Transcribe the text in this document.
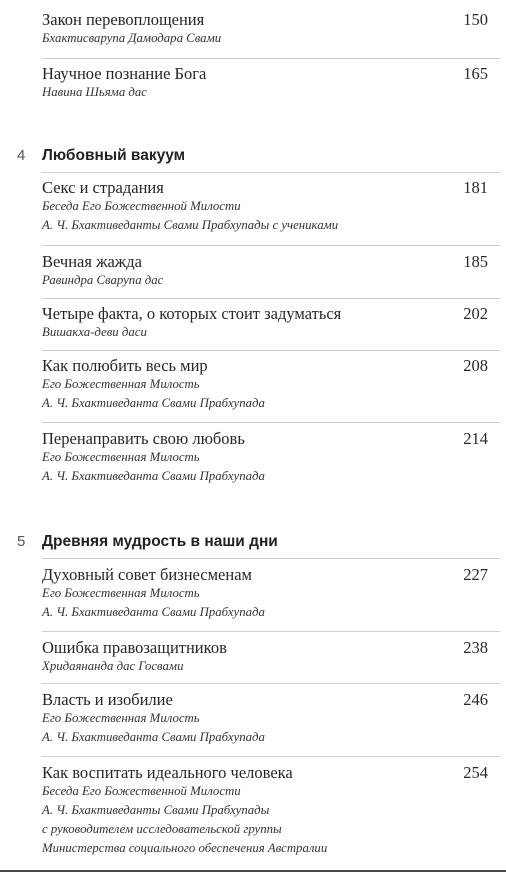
Закон перевоплощения	150
Бхактисварупа Дамодара Свами
Научное познание Бога	165
Навина Шьяма дас
4 Любовный вакуум
Секс и страдания	181
Беседа Его Божественной Милости
А. Ч. Бхактиведанты Свами Прабхупады с учениками
Вечная жажда	185
Равиндра Сварупа дас
Четыре факта, о которых стоит задуматься	202
Вишакха-деви даси
Как полюбить весь мир	208
Его Божественная Милость
А. Ч. Бхактиведанта Свами Прабхупада
Перенаправить свою любовь	214
Его Божественная Милость
А. Ч. Бхактиведанта Свами Прабхупада
5 Древняя мудрость в наши дни
Духовный совет бизнесменам	227
Его Божественная Милость
А. Ч. Бхактиведанта Свами Прабхупада
Ошибка правозащитников	238
Хридаянанда дас Госвами
Власть и изобилие	246
Его Божественная Милость
А. Ч. Бхактиведанта Свами Прабхупада
Как воспитать идеального человека	254
Беседа Его Божественной Милости
А. Ч. Бхактиведанты Свами Прабхупады
с руководителем исследовательской группы
Министерства социального обеспечения Австралии
